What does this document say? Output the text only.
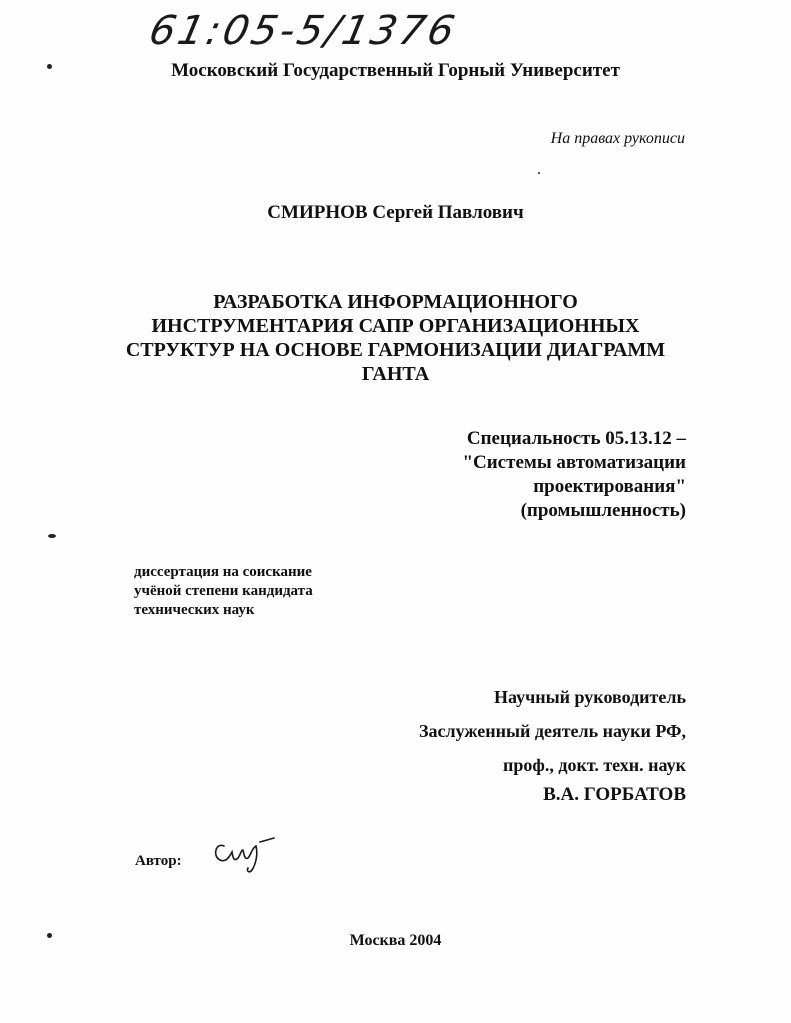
61:05-5/1376
Московский Государственный Горный Университет
На правах рукописи
СМИРНОВ Сергей Павлович
РАЗРАБОТКА ИНФОРМАЦИОННОГО
ИНСТРУМЕНТАРИЯ САПР ОРГАНИЗАЦИОННЫХ
СТРУКТУР НА ОСНОВЕ ГАРМОНИЗАЦИИ ДИАГРАММ
ГАНТА
Специальность 05.13.12 –
"Системы автоматизации
проектирования"
(промышленность)
диссертация на соискание
учёной степени кандидата
технических наук
Научный руководитель
Заслуженный деятель науки РФ,
проф., докт. техн. наук
В.А. ГОРБАТОВ
Автор:
Москва 2004
